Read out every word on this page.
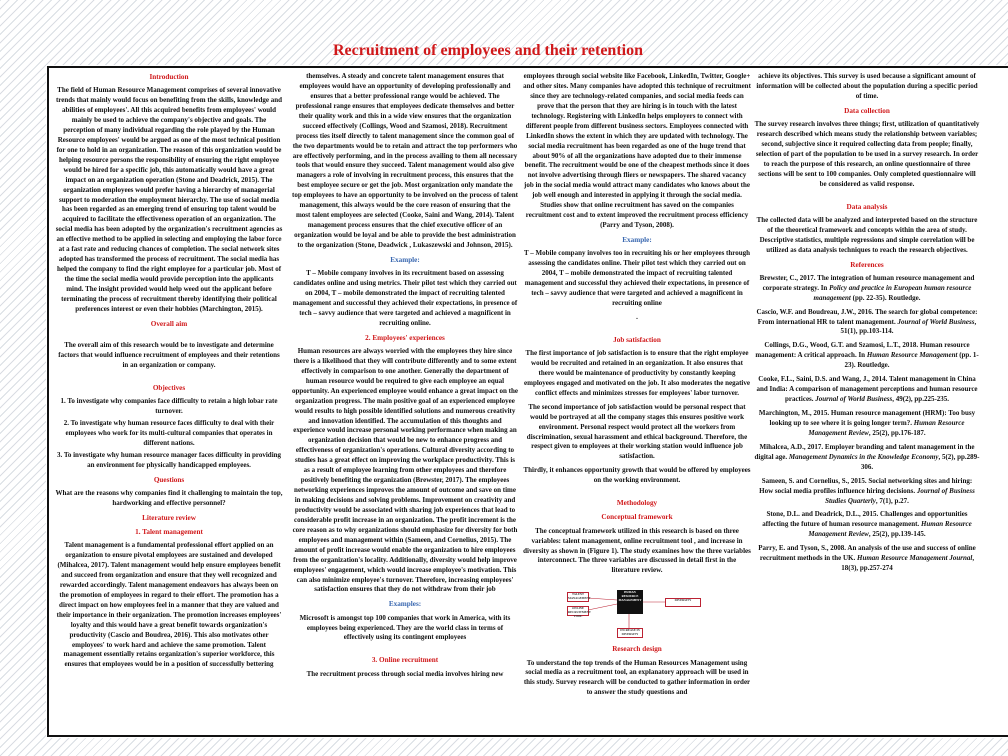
Recruitment of employees and their retention
Introduction

The field of Human Resource Management comprises of several innovative trends that mainly would focus on benefiting from the skills, knowledge and abilities of employees'. All this acquired benefits from employees' would mainly be used to achieve the company's objective and goals. The perception of many individual regarding the role played by the Human Resource employees' would be argued as one of the most technical position for one to hold in an organization. The reason of this organization would be helping resource persons the responsibility of ensuring the right employee would be hired for a specific job, this automatically would have a great impact on an organization operation (Stone and Deadrick, 2015). The organization employees would prefer having a hierarchy of managerial support to moderation the employment hierarchy. The use of social media has been regarded as an emerging trend of ensuring top talent would be acquired to facilitate the effectiveness operation of an organization. The social media has been adopted by the organization's recruitment agencies as an effective method to be applied in selecting and employing the labor force at a fast rate and reducing chances of completion. The social network sites adopted has transformed the process of recruitment. The social media has helped the company to find the right employee for a particular job. Most of the time the social media would provide perception into the applicants mind. The insight provided would help weed out the applicant before terminating the process of recruitment thereby identifying their political preferences interest or even their hobbies (Marchington, 2015).

Overall aim

The overall aim of this research would be to investigate and determine factors that would influence recruitment of employees and their retentions in an organization or company.

Objectives
1. To investigate why companies face difficulty to retain a high lobar rate turnover.
2. To investigate why human resource faces difficulty to deal with their employees who work for its multi-cultural companies that operates in different nations.
3. To investigate why human resource manager faces difficulty in providing an environment for physically handicapped employees.
Questions

What are the reasons why companies find it challenging to maintain the top, hardworking and effective personnel?

Literature review
1. Talent management

Talent management is a fundamental professional effort applied on an organization to ensure pivotal employees are sustained and developed (Mihalcea, 2017). Talent management would help ensure employees benefit and succeed from organization and ensure that they well recognized and rewarded accordingly. Talent management endeavors has always been on the promotion of employees in regard to their effort. The promotion has a direct impact on how employees feel in a manner that they are valued and their importance in their organization. The promotion increases employees' loyalty and this would have a great benefit towards organization's productivity (Cascio and Boudrea, 2016). This also motivates other employees' to work hard and achieve the same promotion. Talent management essentially retains organization's superior workforce, this ensures that employees would be in a position of successfully bettering

themselves. A steady and concrete talent management ensures that employees would have an opportunity of developing professionally and ensures that a better professional range would be achieved. The professional range ensures that employees dedicate themselves and better their quality work and this in a wide view ensures that the organization succeed effectively (Collings, Wood and Szamosi, 2018). Recruitment process ties itself directly to talent management since the common goal of the two departments would be to retain and attract the top performers who are effectively performing, and in the process availing to them all necessary tools that would ensure they succeed. Talent management would also give managers a role of involving in recruitment process, this ensures that the best employee secure or get the job. Most organization only mandate the top employees to have an opportunity to be involved on the process of talent management, this always would be the core reason of ensuring that the most talent employees are selected (Cooke, Saini and Wang, 2014). Talent management process ensures that the chief executive officer of an organization would be loyal and be able to provide the best administration to the organization (Stone, Deadwick , Lukaszewski and Johnson, 2015).

Example:

T – Mobile company involves in its recruitment based on assessing candidates online and using metrics. Their pilot test which they carried out on 2004, T – mobile demonstrated the impact of recruiting talented management and successful they achieved their expectations, in presence of tech – savvy audience that were targeted and achieved a magnificent in recruiting online.

2. Employees' experiences

Human resources are always worried with the employees they hire since there is a likelihood that they will contribute differently and to some extent effectively in comparison to one another. Generally the department of human resource would be required to give each employee an equal opportunity. An experienced employee would enhance a great impact on the organization progress. The main positive goal of an experienced employee would results to high possible identified solutions and numerous creativity and innovation identified. The accumulation of this thoughts and experience would increase personal working performance when making an organization decision that would be new to enhance progress and effectiveness of organization's operations. Cultural diversity according to studies has a great effect on improving the workplace productivity. This is as a result of employee learning from other employees and therefore positively benefiting the organization (Brewster, 2017). The employees networking experiences improves the amount of outcome and save on time in making decisions and solving problems. Improvement on creativity and productivity would be associated with sharing job experiences that lead to considerable profit increase in an organization. The profit increment is the core reason as to why organizations should emphasize for diversity for both employees and management within (Sameen, and Cornelius, 2015). The amount of profit increase would enable the organization to hire employees from the organization's locality. Additionally, diversity would help improve employees' engagement, which would increase employee's motivation. This can also minimize employee's turnover. Therefore, increasing employees' satisfaction ensures that they do not withdraw from their job

Examples:

Microsoft is amongst top 100 companies that work in America, with its employees being experienced. They are the world class in terms of effectively using its contingent employees

3. Online recruitment

The recruitment process through social media involves hiring new

employees through social website like Facebook, LinkedIn, Twitter, Google+ and other sites. Many companies have adopted this technique of recruitment since they are technology-related companies, and social media feeds can prove that the person that they are hiring is in touch with the latest technology. Registering with LinkedIn helps employers to connect with different people from different business sectors. Employees connected with LinkedIn shows the extent in which they are updated with technology. The social media recruitment has been regarded as one of the huge trend that about 90% of all the organizations have adopted due to their immense benefit. The recruitment would be one of the cheapest methods since it does not involve advertising through fliers or newspapers. The shared vacancy job in the social media would attract many candidates who knows about the job well enough and interested in applying it through the social media. Studies show that online recruitment has saved on the companies recruitment cost and to extent improved the recruitment process efficiency (Parry and Tyson, 2008).

Example:

T – Mobile company involves too in recruiting his or her employees through assessing the candidates online. Their pilot test which they carried out on 2004, T – mobile demonstrated the impact of recruiting talented management and successful they achieved their expectations, in presence of tech – savvy audience that were targeted and achieved a magnificent in recruiting online

.

Job satisfaction

The first importance of job satisfaction is to ensure that the right employee would be recruited and retained in an organization. It also ensures that there would be maintenance of productivity by constantly keeping employees engaged and motivated on the job. It also moderates the negative conflict effects and minimizes stresses for employees' labor turnover.

The second importance of job satisfaction would be personal respect that would be portrayed at all the company stages this ensures positive work environment. Personal respect would protect all the workers from discrimination, sexual harassment and ethical background. Therefore, the respect given to employees at their working station would influence job satisfaction.

Thirdly, it enhances opportunity growth that would be offered by employees on the working environment.

Methodology
Conceptual framework

The conceptual framework utilized in this research is based on three variables: talent management, online recruitment tool , and increase in diversity as shown in (Figure 1). The study examines how the three variables interconnect. The three variables are discussed in detail first in the literature review.

TALENT MANAGEMENT
ONLINE RECRUITMENT TOOL
HUMAN RESOURCE MANAGEMENT	DIVERSITY
INCREASE IN DIVERSITY
Research design

To understand the top trends of the Human Resources Management using social media as a recruitment tool, an explanatory approach will be used in this study. Survey research will be conducted to gather information in order to answer the study questions and

achieve its objectives. This survey is used because a significant amount of information will be collected about the population during a specific period of time.

Data collection

The survey research involves three things; first, utilization of quantitatively research described which means study the relationship between variables; second, subjective since it required collecting data from people; finally, selection of part of the population to be used in a survey research. In order to reach the purpose of this research, an online questionnaire of three sections will be sent to 100 companies. Only completed questionnaire will be considered as valid response.

Data analysis

The collected data will be analyzed and interpreted based on the structure of the theoretical framework and concepts within the area of study. Descriptive statistics, multiple regressions and simple correlation will be utilized as data analysis techniques to reach the research objectives.

References

Brewster, C., 2017. The integration of human resource management and corporate strategy. In Policy and practice in European human resource management (pp. 22-35). Routledge.

Cascio, W.F. and Boudreau, J.W., 2016. The search for global competence: From international HR to talent management. Journal of World Business, 51(1), pp.103-114.

Collings, D.G., Wood, G.T. and Szamosi, L.T., 2018. Human resource management: A critical approach. In Human Resource Management (pp. 1-23). Routledge.

Cooke, F.L., Saini, D.S. and Wang, J., 2014. Talent management in China and India: A comparison of management perceptions and human resource practices. Journal of World Business, 49(2), pp.225-235.

Marchington, M., 2015. Human resource management (HRM): Too busy looking up to see where it is going longer term?. Human Resource Management Review, 25(2), pp.176-187.

Mihalcea, A.D., 2017. Employer branding and talent management in the digital age. Management Dynamics in the Knowledge Economy, 5(2), pp.289-306.

Sameen, S. and Cornelius, S., 2015. Social networking sites and hiring: How social media profiles influence hiring decisions. Journal of Business Studies Quarterly, 7(1), p.27.

Stone, D.L. and Deadrick, D.L., 2015. Challenges and opportunities affecting the future of human resource management. Human Resource Management Review, 25(2), pp.139-145.

Parry, E. and Tyson, S., 2008. An analysis of the use and success of online recruitment methods in the UK. Human Resource Management Journal, 18(3), pp.257-274
